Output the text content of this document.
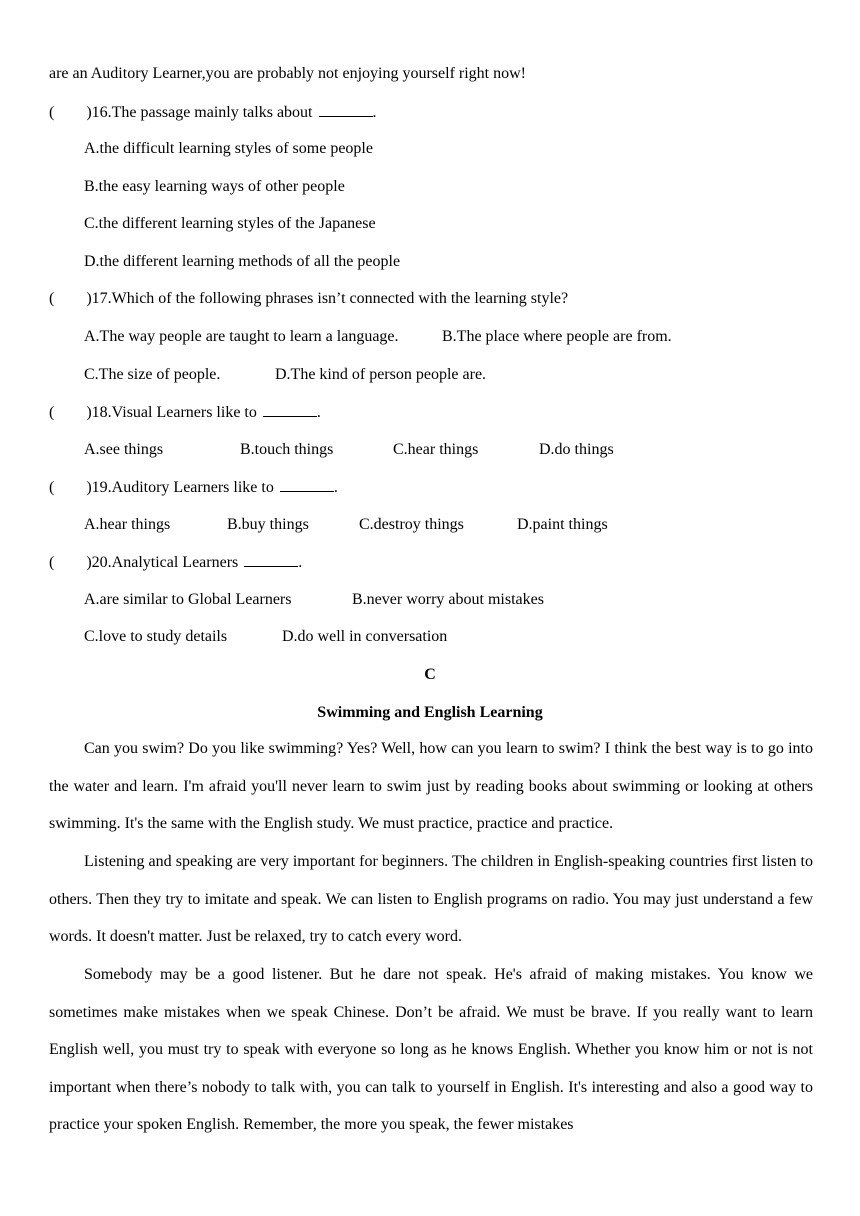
are an Auditory Learner,you are probably not enjoying yourself right now!
( )16.The passage mainly talks about	.
A.the difficult learning styles of some people
B.the easy learning ways of other people
C.the different learning styles of the Japanese
D.the different learning methods of all the people
( )17.Which of the following phrases isn’t connected with the learning style?
A.The way people are taught to learn a language.	B.The place where people are from.
C.The size of people.	D.The kind of person people are.
( )18.Visual Learners like to	.
A.see things	B.touch things	C.hear things	D.do things
( )19.Auditory Learners like to	.
A.hear things	B.buy things	C.destroy things	D.paint things
( )20.Analytical Learners	.
A.are similar to Global Learners	B.never worry about mistakes
C.love to study details	D.do well in conversation
C
Swimming and English Learning
Can you swim? Do you like swimming? Yes? Well, how can you learn to swim? I think the best way is to go into the water and learn. I'm afraid you'll never learn to swim just by reading books about swimming or looking at others swimming. It's the same with the English study. We must practice, practice and practice.
Listening and speaking are very important for beginners. The children in English-speaking countries first listen to others. Then they try to imitate and speak. We can listen to English programs on radio. You may just understand a few words. It doesn't matter. Just be relaxed, try to catch every word.
Somebody may be a good listener. But he dare not speak. He's afraid of making mistakes. You know we sometimes make mistakes when we speak Chinese. Don’t be afraid. We must be brave. If you really want to learn English well, you must try to speak with everyone so long as he knows English. Whether you know him or not is not important when there’s nobody to talk with, you can talk to yourself in English. It's interesting and also a good way to practice your spoken English. Remember, the more you speak, the fewer mistakes
